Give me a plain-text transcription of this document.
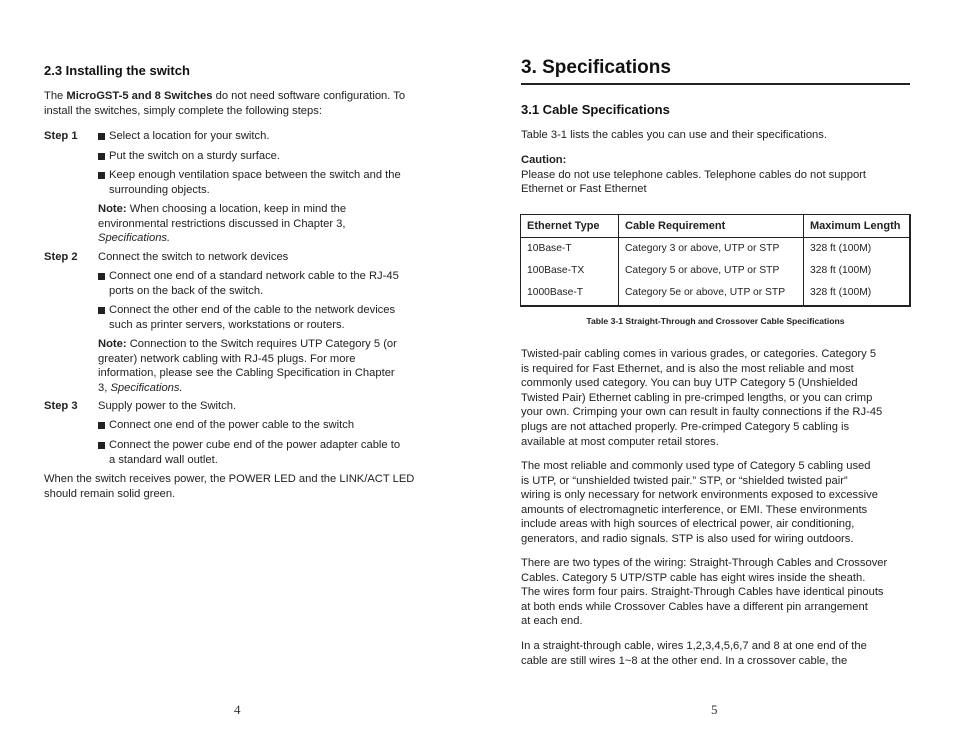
2.3 Installing the switch

The MicroGST-5 and 8 Switches do not need software configuration. To

install the switches, simply complete the following steps:

Step 1	Select a location for your switch.
Put the switch on a sturdy surface.
Keep enough ventilation space between the switch and the
surrounding objects.

Note: When choosing a location, keep in mind the

environmental restrictions discussed in Chapter 3,

Specifications.

Step 2 Connect the switch to network devices
Connect one end of a standard network cable to the RJ-45
ports on the back of the switch.
Connect the other end of the cable to the network devices
such as printer servers, workstations or routers.

Note: Connection to the Switch requires UTP Category 5 (or

greater) network cabling with RJ-45 plugs. For more

information, please see the Cabling Specification in Chapter

3, Specifications.

Step 3 Supply power to the Switch.
Connect one end of the power cable to the switch
Connect the power cube end of the power adapter cable to
a standard wall outlet.

When the switch receives power, the POWER LED and the LINK/ACT LED

should remain solid green.

4
3. Specifications
3.1 Cable Specifications
Table 3-1 lists the cables you can use and their specifications.

Caution:

Please do not use telephone cables. Telephone cables do not support

Ethernet or Fast Ethernet

Ethernet Type	Cable Requirement	Maximum Length
10Base-T	Category 3 or above, UTP or STP	328 ft (100M)
100Base-TX	Category 5 or above, UTP or STP	328 ft (100M)
1000Base-T	Category 5e or above, UTP or STP	328 ft (100M)
Table 3-1 Straight-Through and Crossover Cable Specifications

Twisted-pair cabling comes in various grades, or categories. Category 5

is required for Fast Ethernet, and is also the most reliable and most

commonly used category. You can buy UTP Category 5 (Unshielded

Twisted Pair) Ethernet cabling in pre-crimped lengths, or you can crimp

your own. Crimping your own can result in faulty connections if the RJ-45

plugs are not attached properly. Pre-crimped Category 5 cabling is

available at most computer retail stores.

The most reliable and commonly used type of Category 5 cabling used

is UTP, or “unshielded twisted pair.” STP, or “shielded twisted pair”

wiring is only necessary for network environments exposed to excessive

amounts of electromagnetic interference, or EMI. These environments

include areas with high sources of electrical power, air conditioning,

generators, and radio signals. STP is also used for wiring outdoors.

There are two types of the wiring: Straight-Through Cables and Crossover

Cables. Category 5 UTP/STP cable has eight wires inside the sheath.

The wires form four pairs. Straight-Through Cables have identical pinouts

at both ends while Crossover Cables have a different pin arrangement

at each end.

In a straight-through cable, wires 1,2,3,4,5,6,7 and 8 at one end of the

cable are still wires 1~8 at the other end. In a crossover cable, the

5
